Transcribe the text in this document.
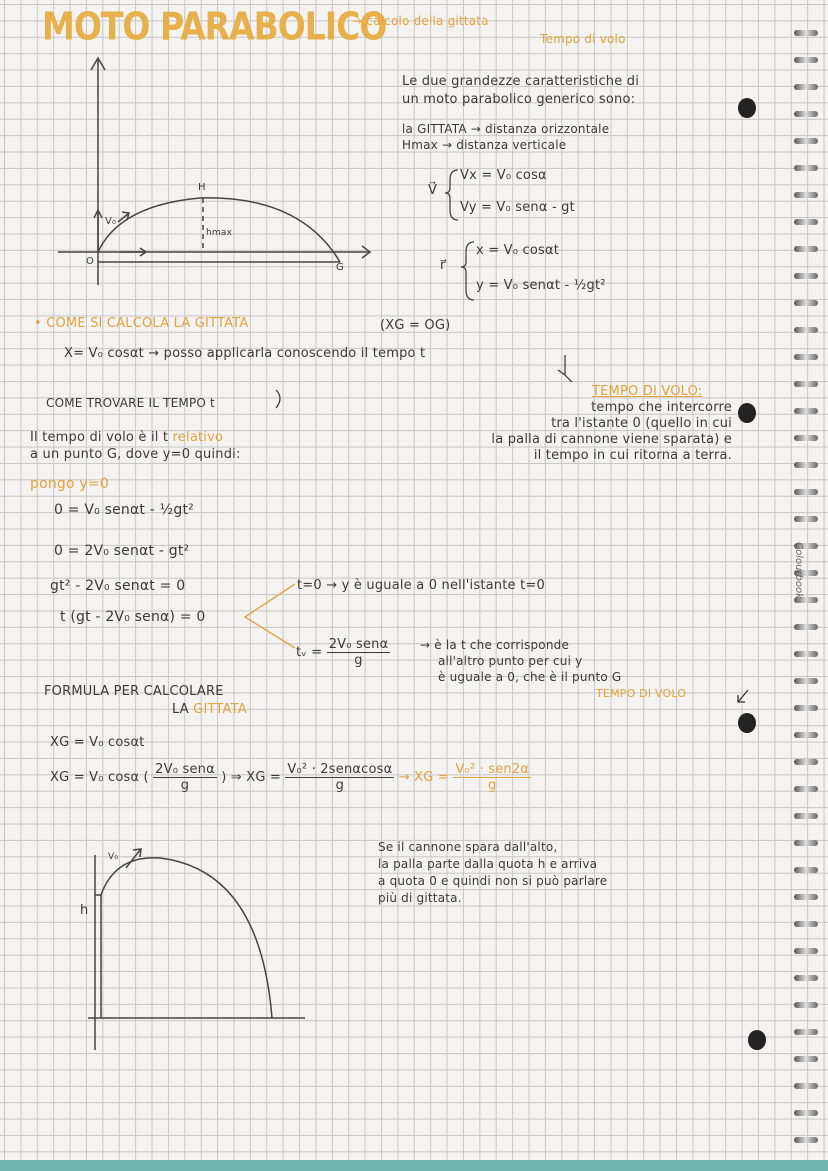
MOTO PARABOLICO
→ calcolo della gittata
Tempo di volo
H
hmax
V₀
O
G
Le due grandezze caratteristiche di
un moto parabolico generico sono:
la GITTATA → distanza orizzontale
Hmax → distanza verticale
V⃗
Vx = V₀ cosα
Vy = V₀ senα - gt
r⃗
x = V₀ cosαt
y = V₀ senαt - ½gt²
• COME SI CALCOLA LA GITTATA	(XG = OG)
X= V₀ cosαt → posso applicarla conoscendo il tempo t
TEMPO DI VOLO:
tempo che intercorre
tra l'istante 0 (quello in cui
la palla di cannone viene sparata) e
il tempo in cui ritorna a terra.
COME TROVARE IL TEMPO t
Il tempo di volo è il t relativo
a un punto G, dove y=0 quindi:
pongo y=0
0 = V₀ senαt - ½gt²
0 = 2V₀ senαt - gt²
gt² - 2V₀ senαt = 0
t (gt - 2V₀ senα) = 0
t=0 → y è uguale a 0 nell'istante t=0
tᵥ = $\frac{\text{2V₀ senα}}{g}$ → è la t che corrisponde
all'altro punto per cui y
è uguale a 0, che è il punto G
TEMPO DI VOLO
FORMULA PER CALCOLARE
LA GITTATA
XG = V₀ cosαt
XG = V₀ cosα ( $\frac{\text{2V₀ senα}}{g}$ ) ⇒ XG = $\frac{\text{V₀² · 2senαcosα}}{g}$ → XG = $\frac{\text{V₀² · sen2α}}{g}$
V₀
h
Se il cannone spara dall'alto,
la palla parte dalla quota h e arriva
a quota 0 e quindi non si può parlare
più di gittata.
Colourbook
